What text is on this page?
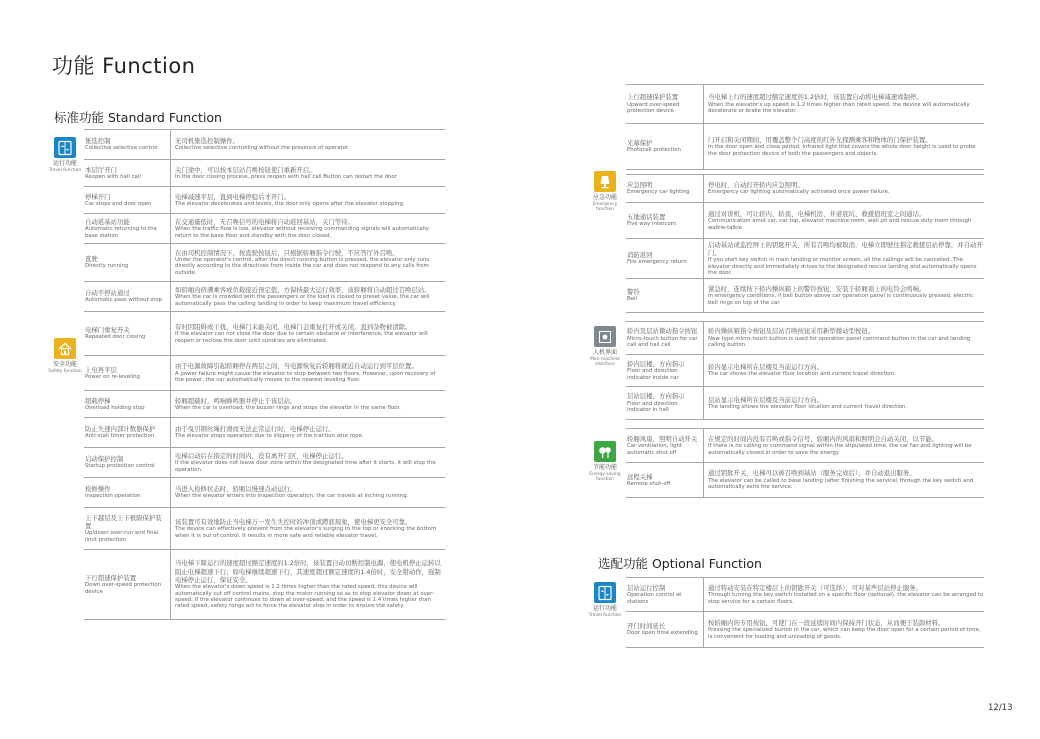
功能 Function
标准功能 Standard Function
选配功能 Optional Function
运行功能
Travel function
安全功能
Safety function
应急功能
Emergency function
人机界面
Man-machine interface
节能功能
Energy-saving function
运行功能
Travel function
集选控制
Collective selective control
无司机集选控制操作。
Collective selective controlling without the presence of operator
本层厅开门
Reopen with hall call
关门途中，可以按本层站召唤按钮使门重新开启。
In the door closing process, press reopen with hall call Button can restart the door
停梯开门
Car stops and door open
电梯减速平层，直到电梯停稳后才开门。
The elevator decelerates and levels, the door only opens after the elevator stopping.
自动返基站功能
Automatic returning to the base station
在交通量低时，无召唤信号的电梯将自动返回基站，关门等待。
When the traffic flow is low, elevator without receiving commanding signals will automatically return to the base floor and standby with the door closed.
直驶
Directly running
在由司机控制情况下，按直驶按钮后，只根据轿厢指令行驶，不应答厅外召唤。
Under the operator's control, after the direct running button is pressed, the elevator only runs directly according to the directives from inside the car and does not respond to any calls from outside.
自动不停站通过
Automatic pass without stop
如轿厢内挤满乘客或负载接近预定值，方保持最大运行效率，该轿厢将自动超过召唤层站。
When the car is crowded with the passengers or the load is closed to preset value, the car will automatically pass the calling landing in order to keep maximum travel efficiency.
电梯门重复开关
Repeated door closing
有时因阻碍或干扰，电梯门未能关闭，电梯门会重复打开或关闭，直到杂物被清除。
If the elevator can not close the door due to certain obstacle or interference, the elevator will reopen or reclose the door until sundries are eliminated.
上电再平层
Power on re-leveling
由于电源故障引起轿厢停在两层之间，当电源恢复后轿厢将就近自动运行到平层位置。
A power failure might cause the elevator to stop between two floors. However, upon recovery of the power, the car automatically moves to the nearest leveling floor.
超载停梯
Overload holding stop
轿厢超载时，鸣响蜂鸣器并停止于该层站。
When the car is overload, the buzzer rings and stops the elevator in the same floor.
防止失速内部计数器保护
Anti-stall timer protection
由于曳引钢丝绳打滑而无法正常运行时，电梯停止运行。
The elevator stops operation due to slippery of the traction wire rope.
启动保护控制
Startup protection control
电梯启动后在指定的时间内，没有离开门区，电梯停止运行。
If the elevator does not leave door zone within the designated time after it starts, it will stop the operation.
检修操作
Inspection operation
当进入检修状态时，轿厢以慢速点动运行。
When the elevator enters into inspection operation, the car travels at inching running.
上下越层及上下极限保护装置
Up/down over-run and final limit protection
该装置可有效地防止当电梯万一发生失控时的冲顶或蹲底现象，使电梯更安全可靠。
The device can effectively prevent from the elevator's surging to the top or knocking the bottom when it is out of control. It results in more safe and reliable elevator travel.
下行超速保护装置
Down over-speed protection device
当电梯下降运行的速度超过额定速度的1.2倍时，该装置自动切断控制电源，使电机停止运转以阻止电梯超速下行；如电梯继续超速下行，其速度超过额定速度的1.4倍时，安全钳动作，强制电梯停止运行，保证安全。
When the elevator's down speed is 1.2 times higher than the rated speed, this device will automatically cut off control mains, stop the motor running so as to stop elevator down at over-speed. If the elevator continues to down at over-speed, and the speed is 1.4 times higher than rated speed, safety tongs act to force the elevator stop in order to ensure the safety.
上行超速保护装置
Upward over-speed protection device
当电梯上行的速度超过额定速度的1.2倍时，该装置自动将电梯减速或制停。
When the elevator's up speed is 1.2 times higher than rated speed, the device will automatically decelerate or brake the elevator.
光幕保护
Photocell protection
门开启和关闭期间，用覆盖整个门高度的红外光探测乘客和物体的门保护装置。
In the door open and close period, infrared light that covers the whole door height is used to probe the door protection device of both the passengers and objects.
应急照明
Emergency car lighting
停电时，自动打开轿内应急照明。
Emergency car lighting automatically activated once power failure.
五地通话装置
Five way intercom
通过对讲机，可让轿内、轿顶、电梯机房、井道底坑、救援值班室之间通话。
Communication amid car, car top, elevator machine room, well pit and rescue duty room through walkie-talkie.
消防返回
Fire emergency return
启动基站或监控屏上的钥匙开关，所有召唤均被取消，电梯立即驶往指定救援层站停靠，并自动开门。
If you start key switch in main landing or monitor screen, all the callings will be cancelled. The elevator directly and immediately drives to the designated rescue landing and automatically opens the door.
警铃
Bell
紧急时，连续按下轿内操纵箱上的警铃按钮，安装于轿厢顶上的电铃会鸣响。
In emergency conditions, if bell button above car operation panel is continuously pressed, electric bell rings on top of the car.
轿内及层站微动指令按钮
Micro-touch button for car call and hall call
轿内操纵箱指令按钮及层站召唤按钮采用新型微动型按钮。
New type micro-touch button is used for operation panel command button in the car and landing calling button.
轿内层楼、方向指示
Floor and direction indicator inside car
轿内显示电梯所在层楼及当前运行方向。
The car shows the elevator floor location and current travel direction.
层站层楼、方向指示
Floor and direction indicator in hall
层站显示电梯所在层楼及当前运行方向。
The landing shows the elevator floor location and current travel direction.
轿厢风扇、照明自动开关
Car ventilation, light automatic shut off
在规定的时间内没有召唤或指令信号，轿厢内的风扇和照明会自动关闭，以节能。
If there is no calling or command signal within the stipulated time, the car fan and lighting will be automatically closed in order to save the energy.
远程关梯
Remote shut-off
通过钥匙开关，电梯可以被召唤到基站（服务完成后），并自动退出服务。
The elevator can be called to base landing (after finishing the service) through the key switch and automatically exits the service.
层站运行控制
Operation control at stations
通过特动安装在特定楼层上的钥匙开关（可选择），可对某些层站停止服务。
Through turning the key switch installed on a specific floor (optional), the elevator can be arranged to stop service for a certain floors.
开门时间延长
Door open time extending
按轿厢内的专用按钮，可使门在一段延续时间内保持开门状态，从而便于装卸材料。
Pressing the specialized button in the car, which can keep the door open for a certain period of time, is convenient for loading and unloading of goods.
12/13
